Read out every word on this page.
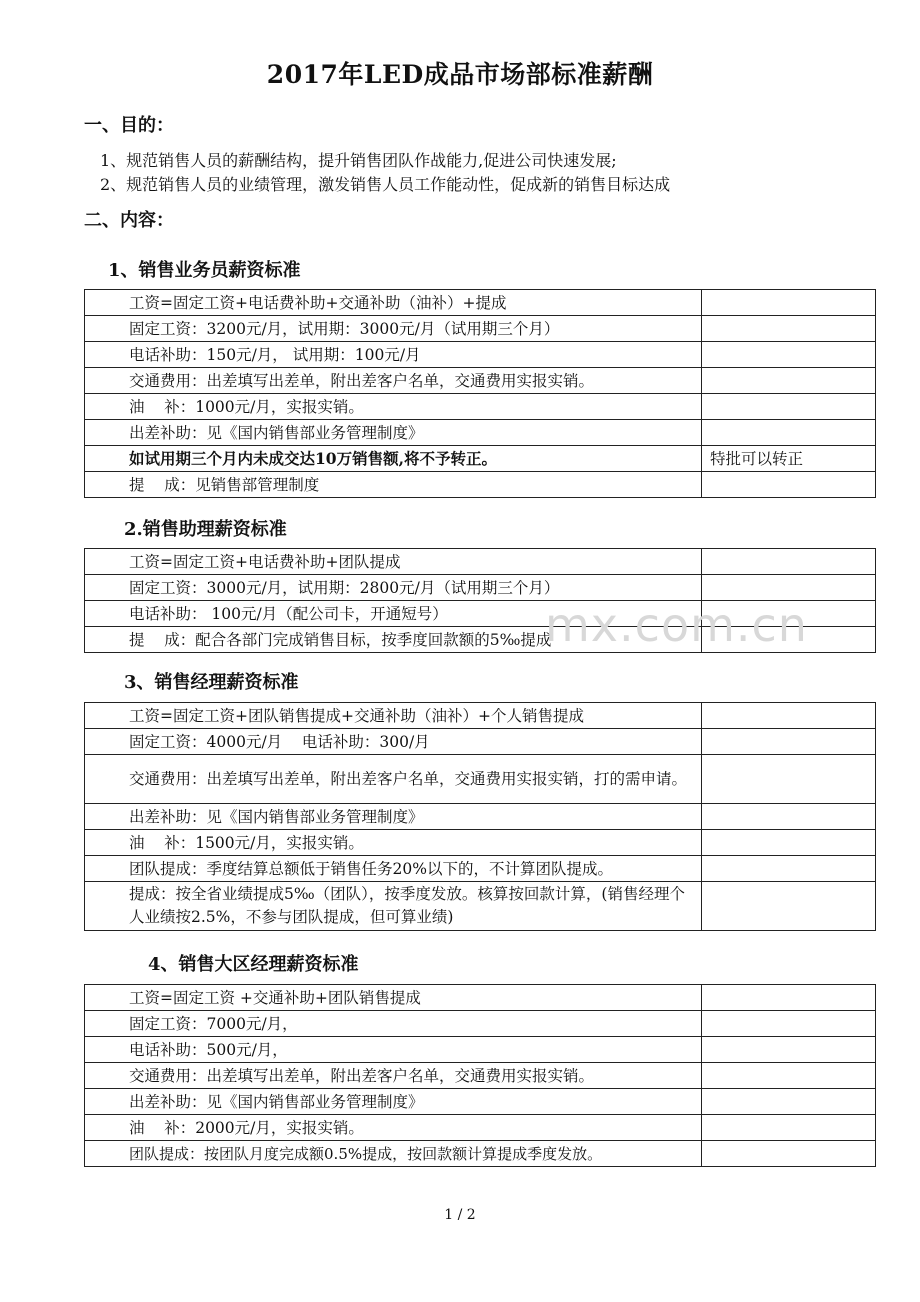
2017年LED成品市场部标准薪酬
一、目的：
1、规范销售人员的薪酬结构，提升销售团队作战能力,促进公司快速发展;
2、规范销售人员的业绩管理，激发销售人员工作能动性，促成新的销售目标达成
二、内容：
1、销售业务员薪资标准
工资=固定工资+电话费补助+交通补助（油补）+提成	
固定工资：3200元/月，试用期：3000元/月（试用期三个月）	
电话补助：150元/月， 试用期：100元/月	
交通费用：出差填写出差单，附出差客户名单，交通费用实报实销。	
油    补：1000元/月，实报实销。	
出差补助：见《国内销售部业务管理制度》	
如试用期三个月内未成交达10万销售额,将不予转正。	特批可以转正
提    成：见销售部管理制度	
2.销售助理薪资标准
工资=固定工资+电话费补助+团队提成	
固定工资：3000元/月，试用期：2800元/月（试用期三个月）	
电话补助： 100元/月（配公司卡，开通短号）	
提    成：配合各部门完成销售目标，按季度回款额的5‰提成	
3、销售经理薪资标准
工资=固定工资+团队销售提成+交通补助（油补）+个人销售提成	
固定工资：4000元/月    电话补助：300/月	
交通费用：出差填写出差单，附出差客户名单，交通费用实报实销，打的需申请。	
出差补助：见《国内销售部业务管理制度》	
油    补：1500元/月，实报实销。	
团队提成：季度结算总额低于销售任务20%以下的，不计算团队提成。	
提成：按全省业绩提成5‰（团队），按季度发放。核算按回款计算，(销售经理个人业绩按2.5%，不参与团队提成，但可算业绩)	
4、销售大区经理薪资标准
工资=固定工资 +交通补助+团队销售提成	
固定工资：7000元/月，	
电话补助：500元/月，	
交通费用：出差填写出差单，附出差客户名单，交通费用实报实销。	
出差补助：见《国内销售部业务管理制度》	
油    补：2000元/月，实报实销。	
团队提成：按团队月度完成额0.5%提成，按回款额计算提成季度发放。	
mx.com.cn
1 / 2
